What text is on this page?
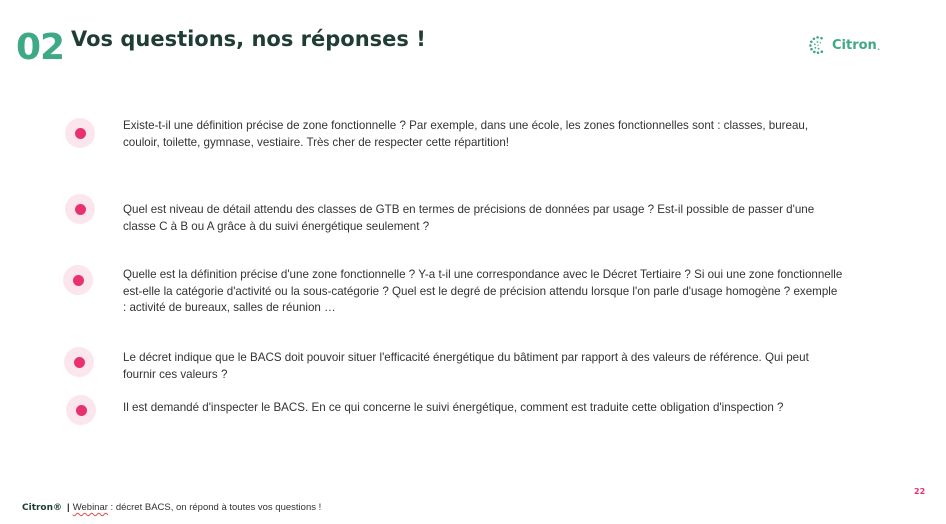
02 Vos questions, nos réponses !	Citron .
Existe-t-il une définition précise de zone fonctionnelle ? Par exemple, dans une école, les zones fonctionnelles sont : classes, bureau, couloir, toilette, gymnase, vestiaire. Très cher de respecter cette répartition!
Quel est niveau de détail attendu des classes de GTB en termes de précisions de données par usage ? Est-il possible de passer d'une classe C à B ou A grâce à du suivi énergétique seulement ?
Quelle est la définition précise d'une zone fonctionnelle ? Y-a t-il une correspondance avec le Décret Tertiaire ? Si oui une zone fonctionnelle est-elle la catégorie d'activité ou la sous-catégorie ? Quel est le degré de précision attendu lorsque l'on parle d'usage homogène ? exemple : activité de bureaux, salles de réunion …
Le décret indique que le BACS doit pouvoir situer l'efficacité énergétique du bâtiment par rapport à des valeurs de référence. Qui peut fournir ces valeurs ?
Il est demandé d'inspecter le BACS. En ce qui concerne le suivi énergétique, comment est traduite cette obligation d'inspection ?
Citron® | Webinar : décret BACS, on répond à toutes vos questions !
22
